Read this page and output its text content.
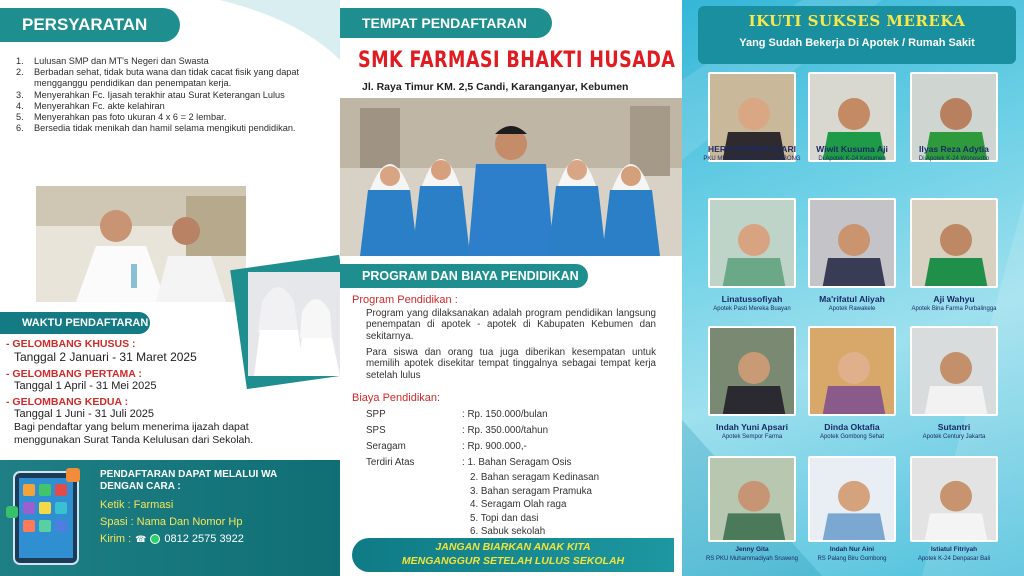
PERSYARATAN
1.	Lulusan SMP dan MT's Negeri dan Swasta
2.	Berbadan sehat, tidak buta wana dan tidak cacat fisik yang dapat mengganggu pendidikan dan penempatan kerja.
3.	Menyerahkan Fc. Ijasah terakhir atau Surat Keterangan Lulus
4.	Menyerahkan Fc. akte kelahiran
5.	Menyerahkan pas foto ukuran 4 x 6 = 2 lembar.
6.	Bersedia tidak menikah dan hamil selama mengikuti pendidikan.
WAKTU PENDAFTARAN
- GELOMBANG KHUSUS :
Tanggal 2 Januari - 31 Maret 2025
- GELOMBANG PERTAMA :
Tanggal 1 April - 31 Mei 2025
- GELOMBANG KEDUA :
Tanggal 1 Juni - 31 Juli 2025
Bagi pendaftar yang belum menerima ijazah dapat menggunakan Surat Tanda Kelulusan dari Sekolah.
PENDAFTARAN DAPAT MELALUI WA DENGAN CARA :
Ketik : Farmasi
Spasi : Nama Dan Nomor Hp
Kirim : ☎ 0812 2575 3922
TEMPAT PENDAFTARAN
SMK FARMASI BHAKTI HUSADA
Jl. Raya Timur KM. 2,5 Candi, Karanganyar, Kebumen
PROGRAM DAN BIAYA PENDIDIKAN
Program Pendidikan :
Program yang dilaksanakan adalah program pendidikan langsung penempatan di apotek - apotek di Kabupaten Kebumen dan sekitarnya.
Para siswa dan orang tua juga diberikan kesempatan untuk memilih apotek disekitar tempat tinggalnya sebagai tempat kerja setelah lulus
Biaya Pendidikan:
SPP	: Rp. 150.000/bulan
SPS	: Rp. 350.000/tahun
Seragam	: Rp. 900.000,-
Terdiri Atas	: 1. Bahan Seragam Osis
2. Bahan seragam Kedinasan
3. Bahan seragam Pramuka
4. Seragam Olah raga
5. Topi dan dasi
6. Sabuk sekolah
JANGAN BIARKAN ANAK KITA
MENGANGGUR SETELAH LULUS SEKOLAH
IKUTI SUKSES MEREKA
Yang Sudah Bekerja Di Apotek / Rumah Sakit
HERA PERMATASARI
PKU MUHAMMADIYAH GOMBONG
Wiwit Kusuma Aji
Di Apotek K-24 Kebumen
Ilyas Reza Adytia
Di Apotek K-24 Wonosobo
Linatussofiyah
Apotek Pasti Mereka Buayan
Ma'rifatul Aliyah
Apotek Rawakele
Aji Wahyu
Apotek Bina Farma Purbalingga
Indah Yuni Apsari
Apotek Sempor Farma
Dinda Oktafia
Apotek Gombong Sehat
Sutantri
Apotek Century Jakarta
Jenny Gita
RS PKU Muhammadiyah Sruweng
Indah Nur Aini
RS Palang Biru Gombong
Istiatul Fitriyah
Apotek K-24 Denpasar Bali
